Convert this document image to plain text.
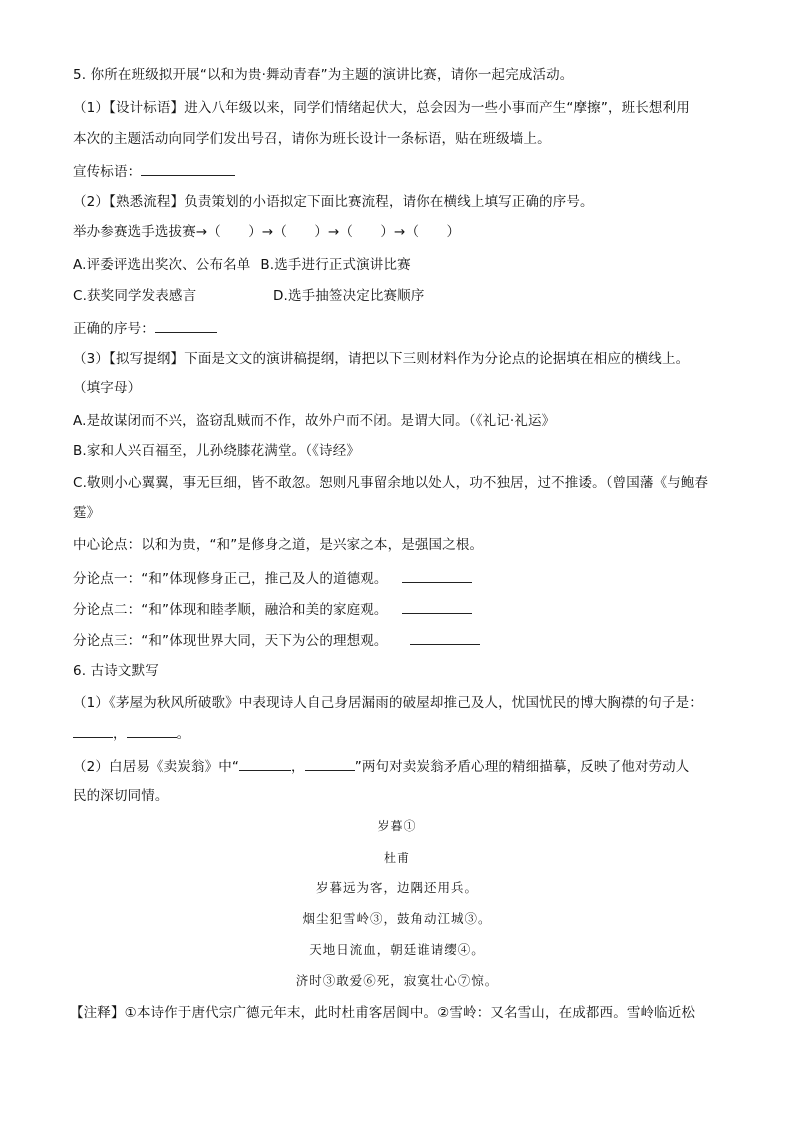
5. 你所在班级拟开展“以和为贵·舞动青春”为主题的演讲比赛，请你一起完成活动。
（1）【设计标语】进入八年级以来，同学们情绪起伏大，总会因为一些小事而产生“摩擦”，班长想利用
本次的主题活动向同学们发出号召，请你为班长设计一条标语，贴在班级墙上。
宣传标语：
（2）【熟悉流程】负责策划的小语拟定下面比赛流程，请你在横线上填写正确的序号。
举办参赛选手选拔赛→（　　）→（　　）→（　　）→（　　）
A.评委评选出奖次、公布名单 B.选手进行正式演讲比赛
C.获奖同学发表感言	D.选手抽签决定比赛顺序
正确的序号：
（3）【拟写提纲】下面是文文的演讲稿提纲，请把以下三则材料作为分论点的论据填在相应的横线上。
（填字母）
A.是故谋闭而不兴，盗窃乱贼而不作，故外户而不闭。是谓大同。（《礼记·礼运》
B.家和人兴百福至，儿孙绕膝花满堂。（《诗经》
C.敬则小心翼翼，事无巨细，皆不敢忽。恕则凡事留余地以处人，功不独居，过不推诿。（曾国藩《与鲍春
霆》
中心论点：以和为贵，“和”是修身之道，是兴家之本，是强国之根。
分论点一：“和”体现修身正己，推己及人的道德观。
分论点二：“和”体现和睦孝顺，融洽和美的家庭观。
分论点三：“和”体现世界大同，天下为公的理想观。
6. 古诗文默写
（1）《茅屋为秋风所破歌》中表现诗人自己身居漏雨的破屋却推己及人，忧国忧民的博大胸襟的句子是：
，	。
（2）白居易《卖炭翁》中“	，	”两句对卖炭翁矛盾心理的精细描摹，反映了他对劳动人
民的深切同情。
岁暮①
杜甫
岁暮远为客，边隅还用兵。
烟尘犯雪岭③，鼓角动江城③。
天地日流血，朝廷谁请缨④。
济时③敢爱⑥死，寂寞壮心⑦惊。
【注释】①本诗作于唐代宗广德元年末，此时杜甫客居阆中。②雪岭：又名雪山，在成都西。雪岭临近松
